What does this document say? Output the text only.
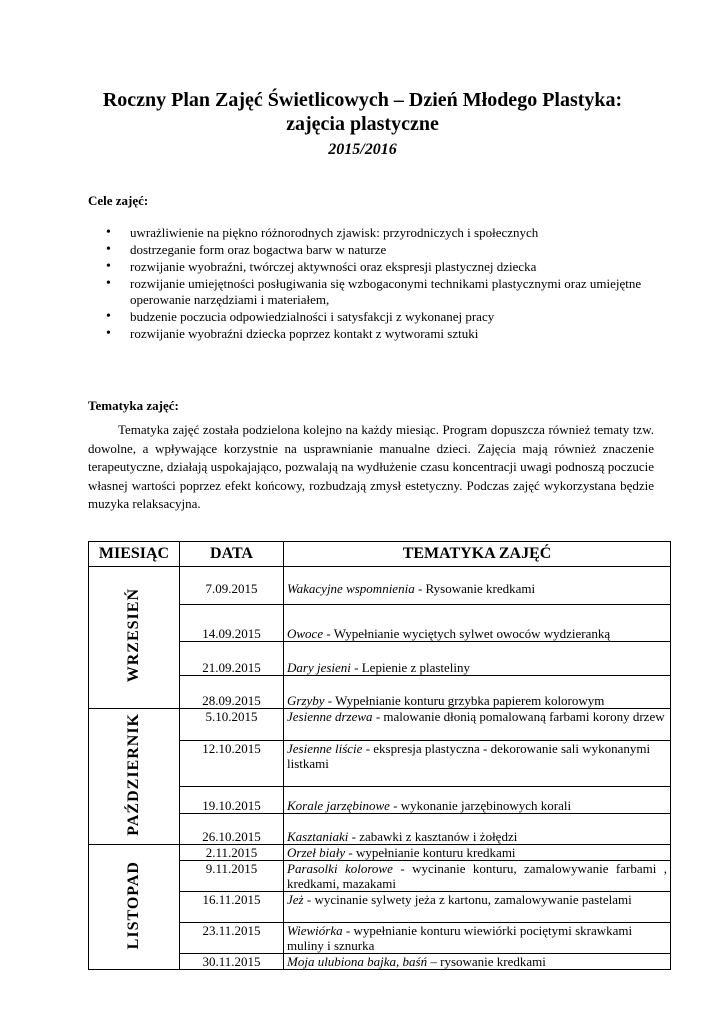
Roczny Plan Zajęć Świetlicowych – Dzień Młodego Plastyka:
zajęcia plastyczne
2015/2016
Cele zajęć:
• uwrażliwienie na piękno różnorodnych zjawisk: przyrodniczych i społecznych
• dostrzeganie form oraz bogactwa barw w naturze
• rozwijanie wyobraźni, twórczej aktywności oraz ekspresji plastycznej dziecka
• rozwijanie umiejętności posługiwania się wzbogaconymi technikami plastycznymi oraz umiejętne operowanie narzędziami i materiałem,
• budzenie poczucia odpowiedzialności i satysfakcji z wykonanej pracy
• rozwijanie wyobraźni dziecka poprzez kontakt z wytworami sztuki
Tematyka zajęć:
Tematyka zajęć została podzielona kolejno na każdy miesiąc. Program dopuszcza również tematy tzw. dowolne, a wpływające korzystnie na usprawnianie manualne dzieci. Zajęcia mają również znaczenie terapeutyczne, działają uspokajająco, pozwalają na wydłużenie czasu koncentracji uwagi podnoszą poczucie własnej wartości poprzez efekt końcowy, rozbudzają zmysł estetyczny. Podczas zajęć wykorzystana będzie muzyka relaksacyjna.
MIESIĄC	DATA	TEMATYKA ZAJĘĆ
WRZESIEŃ	7.09.2015	Wakacyjne wspomnienia - Rysowanie kredkami
	14.09.2015	Owoce - Wypełnianie wyciętych sylwet owoców wydzieranką
	21.09.2015	Dary jesieni - Lepienie z plasteliny
	28.09.2015	Grzyby - Wypełnianie konturu grzybka papierem kolorowym
PAŹDZIERNIK	5.10.2015	Jesienne drzewa - malowanie dłonią pomalowaną farbami korony drzew
	12.10.2015	Jesienne liście - ekspresja plastyczna - dekorowanie sali wykonanymi listkami
	19.10.2015	Korale jarzębinowe - wykonanie jarzębinowych korali
	26.10.2015	Kasztaniaki - zabawki z kasztanów i żołędzi
LISTOPAD	2.11.2015	Orzeł biały - wypełnianie konturu kredkami
	9.11.2015	Parasolki kolorowe - wycinanie konturu, zamalowywanie farbami , kredkami, mazakami
	16.11.2015	Jeż - wycinanie sylwety jeża z kartonu, zamalowywanie pastelami
	23.11.2015	Wiewiórka - wypełnianie konturu wiewiórki pociętymi skrawkami muliny i sznurka
	30.11.2015	Moja ulubiona bajka, baśń – rysowanie kredkami
